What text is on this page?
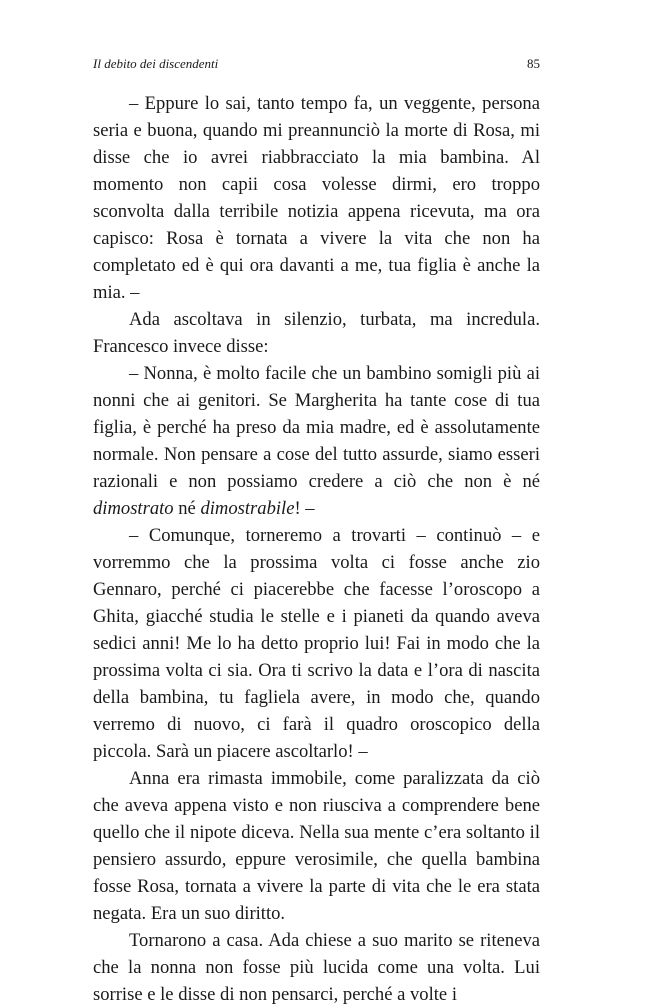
Il debito dei discendenti	85

– Eppure lo sai, tanto tempo fa, un veggente, persona seria e buona, quando mi preannunciò la morte di Rosa, mi disse che io avrei riabbracciato la mia bambina. Al momento non capii cosa volesse dirmi, ero troppo sconvolta dalla terribile notizia appena ricevuta, ma ora capisco: Rosa è tornata a vivere la vita che non ha completato ed è qui ora davanti a me, tua figlia è anche la mia. –

Ada ascoltava in silenzio, turbata, ma incredula. Francesco invece disse:

– Nonna, è molto facile che un bambino somigli più ai nonni che ai genitori. Se Margherita ha tante cose di tua figlia, è perché ha preso da mia madre, ed è assolutamente normale. Non pensare a cose del tutto assurde, siamo esseri razionali e non possiamo credere a ciò che non è né dimostrato né dimostrabile! –

– Comunque, torneremo a trovarti – continuò – e vorremmo che la prossima volta ci fosse anche zio Gennaro, perché ci piacerebbe che facesse l’oroscopo a Ghita, giacché studia le stelle e i pianeti da quando aveva sedici anni! Me lo ha detto proprio lui! Fai in modo che la prossima volta ci sia. Ora ti scrivo la data e l’ora di nascita della bambina, tu fagliela avere, in modo che, quando verremo di nuovo, ci farà il quadro oroscopico della piccola. Sarà un piacere ascoltarlo! –

Anna era rimasta immobile, come paralizzata da ciò che aveva appena visto e non riusciva a comprendere bene quello che il nipote diceva. Nella sua mente c’era soltanto il pensiero assurdo, eppure verosimile, che quella bambina fosse Rosa, tornata a vivere la parte di vita che le era stata negata. Era un suo diritto.

Tornarono a casa. Ada chiese a suo marito se riteneva che la nonna non fosse più lucida come una volta. Lui sorrise e le disse di non pensarci, perché a volte i
